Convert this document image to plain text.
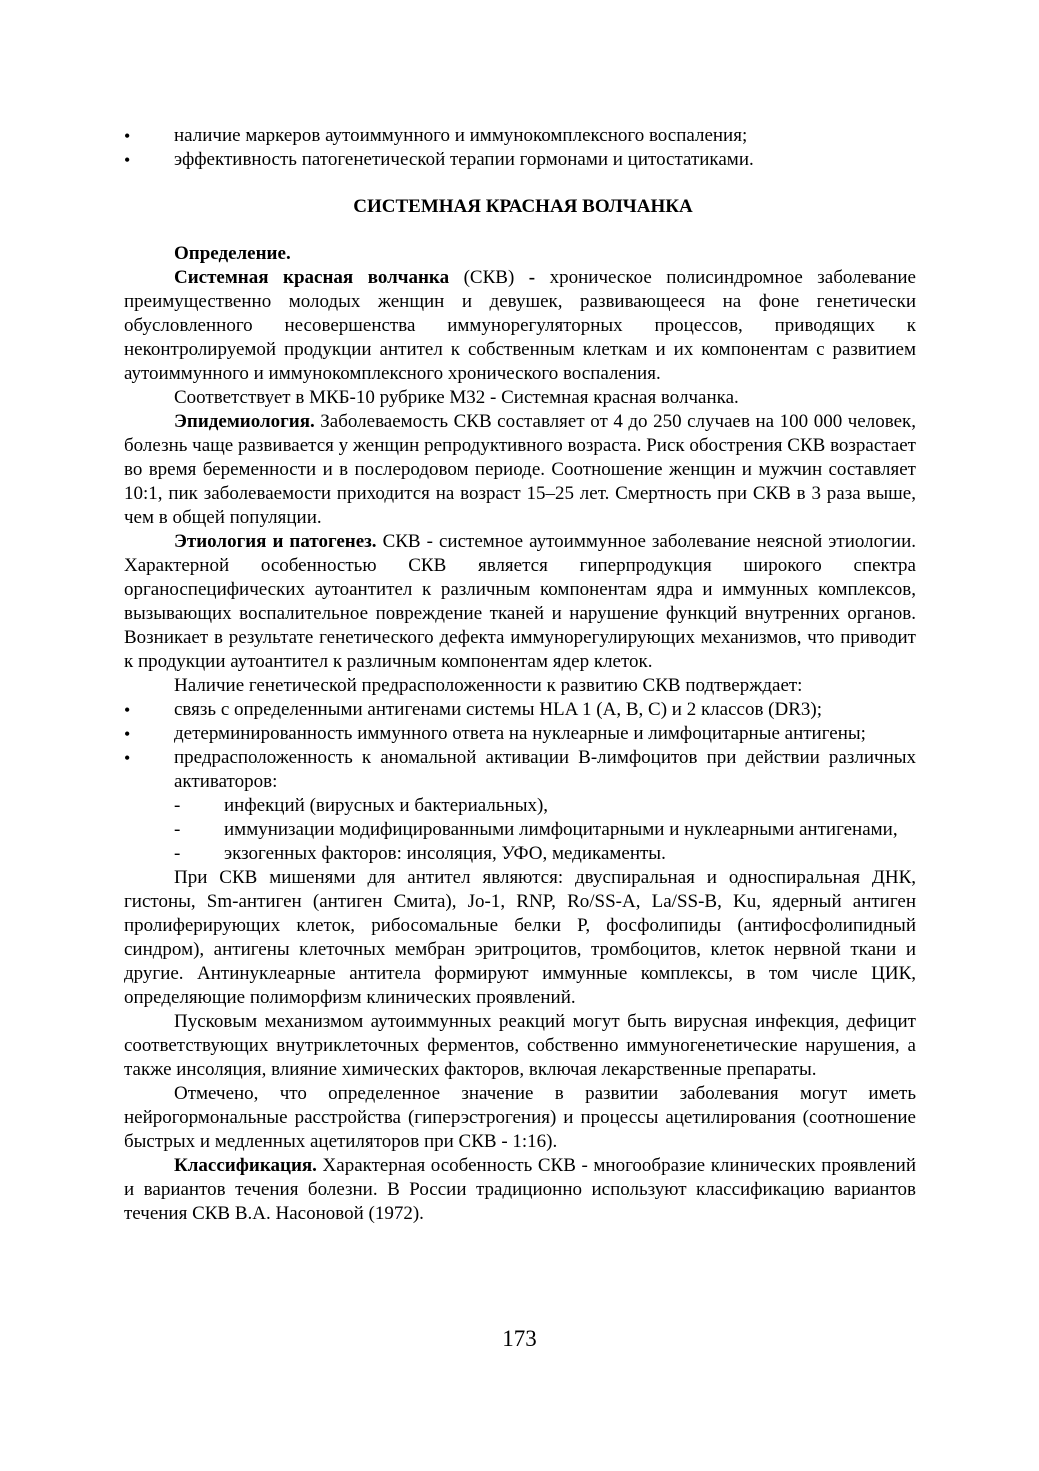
• наличие маркеров аутоиммунного и иммунокомплексного воспаления;
• эффективность патогенетической терапии гормонами и цитостатиками.
СИСТЕМНАЯ КРАСНАЯ ВОЛЧАНКА
Определение.
Системная красная волчанка (СКВ) - хроническое полисиндромное заболевание преимущественно молодых женщин и девушек, развивающееся на фоне генетически обусловленного несовершенства иммунорегуляторных процессов, приводящих к неконтролируемой продукции антител к собственным клеткам и их компонентам с развитием аутоиммунного и иммунокомплексного хронического воспаления.
Соответствует в МКБ-10 рубрике М32 - Системная красная волчанка.
Эпидемиология. Заболеваемость СКВ составляет от 4 до 250 случаев на 100 000 человек, болезнь чаще развивается у женщин репродуктивного возраста. Риск обострения СКВ возрастает во время беременности и в послеродовом периоде. Соотношение женщин и мужчин составляет 10:1, пик заболеваемости приходится на возраст 15–25 лет. Смертность при СКВ в 3 раза выше, чем в общей популяции.
Этиология и патогенез. СКВ - системное аутоиммунное заболевание неясной этиологии. Характерной особенностью СКВ является гиперпродукция широкого спектра органоспецифических аутоантител к различным компонентам ядра и иммунных комплексов, вызывающих воспалительное повреждение тканей и нарушение функций внутренних органов. Возникает в результате генетического дефекта иммунорегулирующих механизмов, что приводит к продукции аутоантител к различным компонентам ядер клеток.
Наличие генетической предрасположенности к развитию СКВ подтверждает:
• связь с определенными антигенами системы HLA 1 (A, B, C) и 2 классов (DR3);
• детерминированность иммунного ответа на нуклеарные и лимфоцитарные антигены;
• предрасположенность к аномальной активации В-лимфоцитов при действии различных активаторов:
- инфекций (вирусных и бактериальных),
- иммунизации модифицированными лимфоцитарными и нуклеарными антигенами,
- экзогенных факторов: инсоляция, УФО, медикаменты.
При СКВ мишенями для антител являются: двуспиральная и односпиральная ДНК, гистоны, Sm-антиген (антиген Смита), Jo-1, RNP, Ro/SS-A, La/SS-B, Ku, ядерный антиген пролиферирующих клеток, рибосомальные белки Р, фосфолипиды (антифосфолипидный синдром), антигены клеточных мембран эритроцитов, тромбоцитов, клеток нервной ткани и другие. Антинуклеарные антитела формируют иммунные комплексы, в том числе ЦИК, определяющие полиморфизм клинических проявлений.
Пусковым механизмом аутоиммунных реакций могут быть вирусная инфекция, дефицит соответствующих внутриклеточных ферментов, собственно иммуногенетические нарушения, а также инсоляция, влияние химических факторов, включая лекарственные препараты.
Отмечено, что определенное значение в развитии заболевания могут иметь нейрогормональные расстройства (гиперэстрогения) и процессы ацетилирования (соотношение быстрых и медленных ацетиляторов при СКВ - 1:16).
Классификация. Характерная особенность СКВ - многообразие клинических проявлений и вариантов течения болезни. В России традиционно используют классификацию вариантов течения СКВ В.А. Насоновой (1972).
173
